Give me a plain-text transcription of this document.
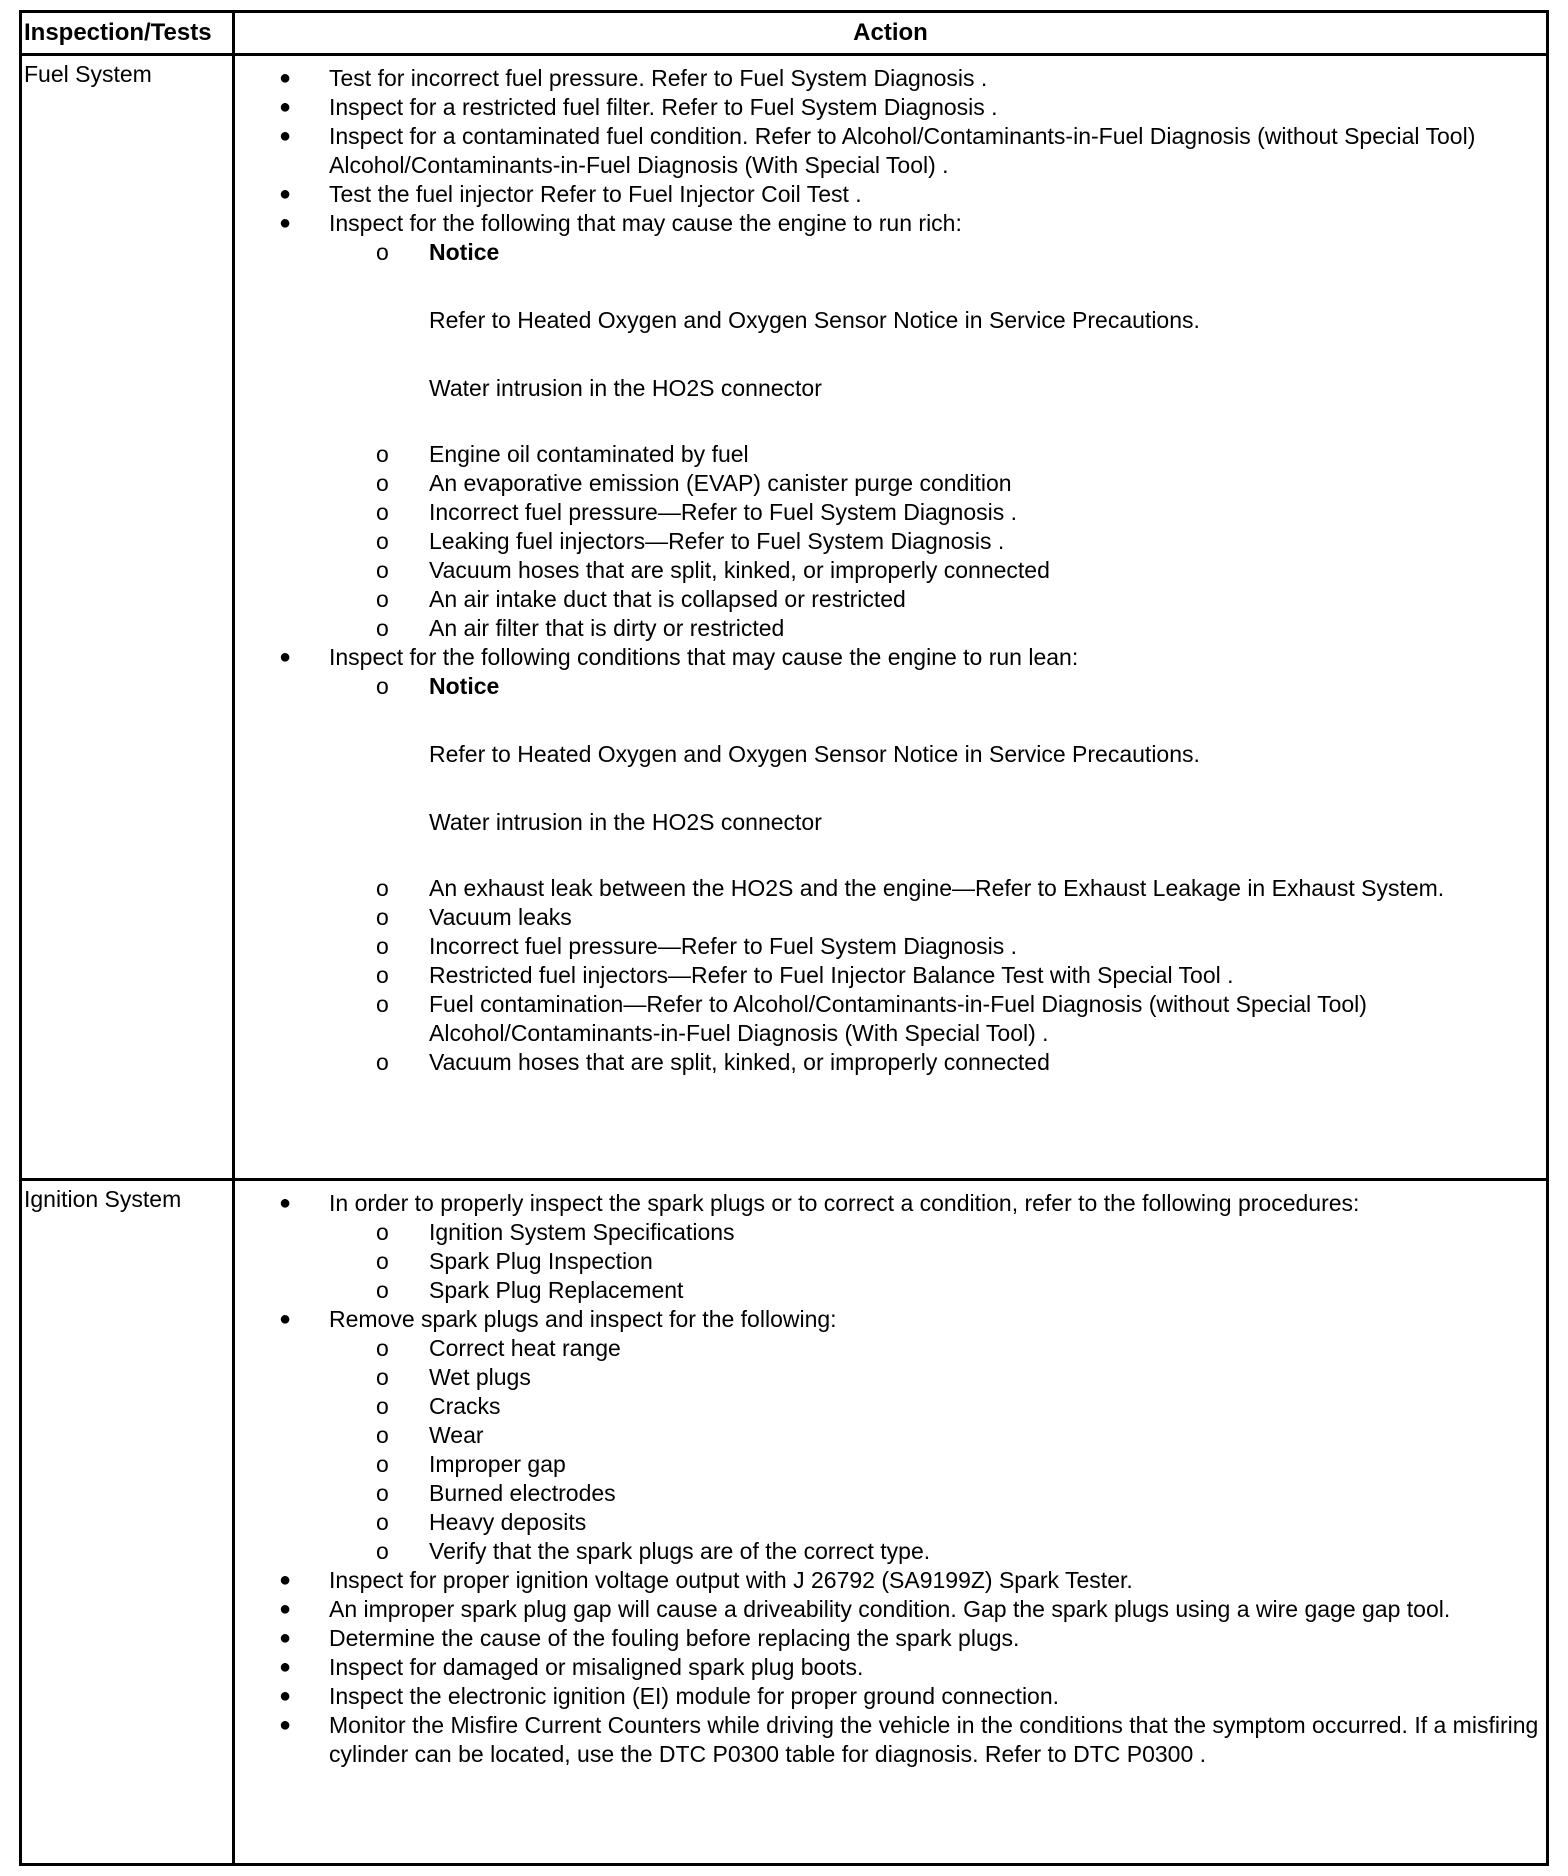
Inspection/Tests	Action
Fuel System	● Test for incorrect fuel pressure. Refer to Fuel System Diagnosis .
● Inspect for a restricted fuel filter. Refer to Fuel System Diagnosis .
● Inspect for a contaminated fuel condition. Refer to Alcohol/Contaminants-in-Fuel Diagnosis (without Special Tool) Alcohol/Contaminants-in-Fuel Diagnosis (With Special Tool) .
● Test the fuel injector Refer to Fuel Injector Coil Test .
● Inspect for the following that may cause the engine to run rich:
o Notice
Refer to Heated Oxygen and Oxygen Sensor Notice in Service Precautions.
Water intrusion in the HO2S connector
o Engine oil contaminated by fuel
o An evaporative emission (EVAP) canister purge condition
o Incorrect fuel pressure—Refer to Fuel System Diagnosis .
o Leaking fuel injectors—Refer to Fuel System Diagnosis .
o Vacuum hoses that are split, kinked, or improperly connected
o An air intake duct that is collapsed or restricted
o An air filter that is dirty or restricted
● Inspect for the following conditions that may cause the engine to run lean:
o Notice
Refer to Heated Oxygen and Oxygen Sensor Notice in Service Precautions.
Water intrusion in the HO2S connector
o An exhaust leak between the HO2S and the engine—Refer to Exhaust Leakage in Exhaust System.
o Vacuum leaks
o Incorrect fuel pressure—Refer to Fuel System Diagnosis .
o Restricted fuel injectors—Refer to Fuel Injector Balance Test with Special Tool .
o Fuel contamination—Refer to Alcohol/Contaminants-in-Fuel Diagnosis (without Special Tool) Alcohol/Contaminants-in-Fuel Diagnosis (With Special Tool) .
o Vacuum hoses that are split, kinked, or improperly connected
Ignition System	● In order to properly inspect the spark plugs or to correct a condition, refer to the following procedures:
o Ignition System Specifications
o Spark Plug Inspection
o Spark Plug Replacement
● Remove spark plugs and inspect for the following:
o Correct heat range
o Wet plugs
o Cracks
o Wear
o Improper gap
o Burned electrodes
o Heavy deposits
o Verify that the spark plugs are of the correct type.
● Inspect for proper ignition voltage output with J 26792 (SA9199Z) Spark Tester.
● An improper spark plug gap will cause a driveability condition. Gap the spark plugs using a wire gage gap tool.
● Determine the cause of the fouling before replacing the spark plugs.
● Inspect for damaged or misaligned spark plug boots.
● Inspect the electronic ignition (EI) module for proper ground connection.
● Monitor the Misfire Current Counters while driving the vehicle in the conditions that the symptom occurred. If a misfiring cylinder can be located, use the DTC P0300 table for diagnosis. Refer to DTC P0300 .
